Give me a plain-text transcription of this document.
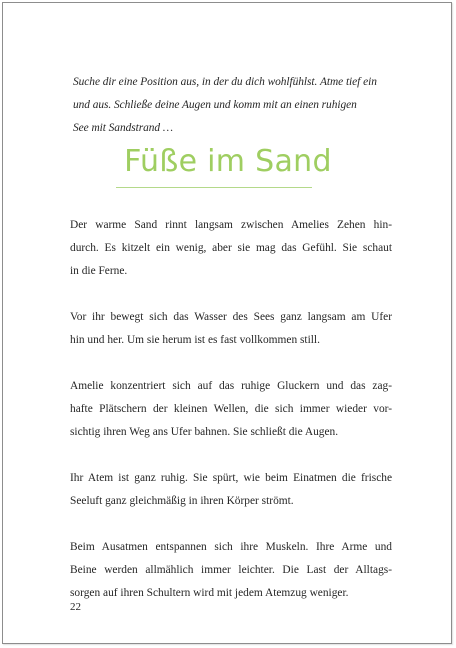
Suche dir eine Position aus, in der du dich wohlfühlst. Atme tief ein
und aus. Schließe deine Augen und komm mit an einen ruhigen
See mit Sandstrand …

Füße im Sand

Der warme Sand rinnt langsam zwischen Amelies Zehen hin-
durch. Es kitzelt ein wenig, aber sie mag das Gefühl. Sie schaut
in die Ferne.

Vor ihr bewegt sich das Wasser des Sees ganz langsam am Ufer
hin und her. Um sie herum ist es fast vollkommen still.

Amelie konzentriert sich auf das ruhige Gluckern und das zag-
hafte Plätschern der kleinen Wellen, die sich immer wieder vor-
sichtig ihren Weg ans Ufer bahnen. Sie schließt die Augen.

Ihr Atem ist ganz ruhig. Sie spürt, wie beim Einatmen die frische
Seeluft ganz gleichmäßig in ihren Körper strömt.

Beim Ausatmen entspannen sich ihre Muskeln. Ihre Arme und
Beine werden allmählich immer leichter. Die Last der Alltags-
sorgen auf ihren Schultern wird mit jedem Atemzug weniger.

22
